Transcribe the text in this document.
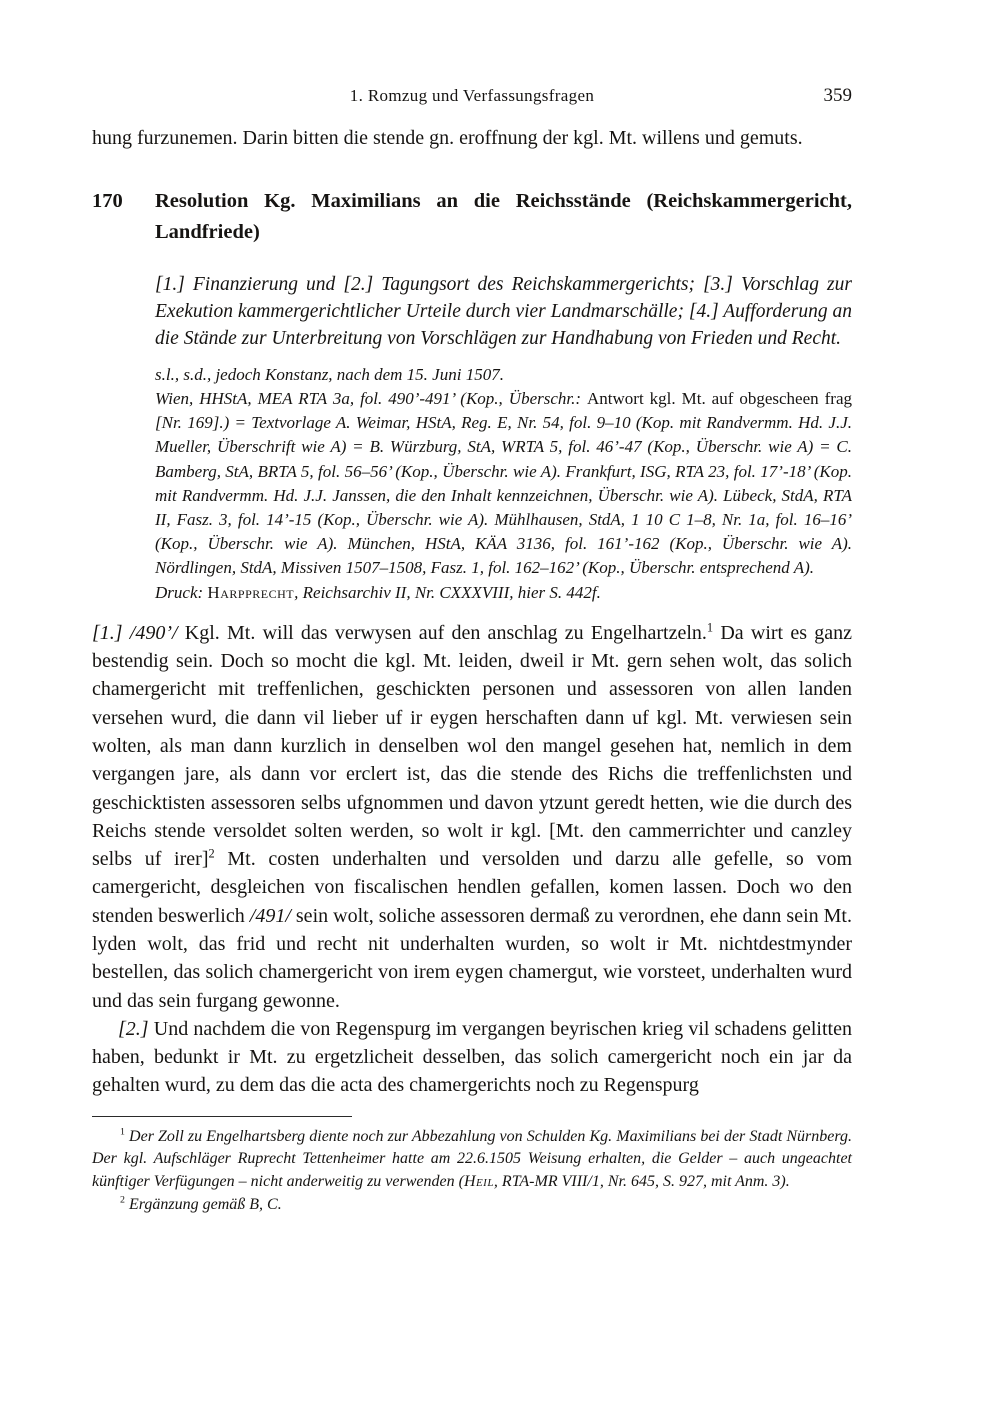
1. Romzug und Verfassungsfragen	359

hung furzunemen. Darin bitten die stende gn. eroffnung der kgl. Mt. willens und gemuts.

170	Resolution Kg. Maximilians an die Reichsstände (Reichskammergericht, Landfriede)

[1.] Finanzierung und [2.] Tagungsort des Reichskammergerichts; [3.] Vorschlag zur Exekution kammergerichtlicher Urteile durch vier Landmarschälle; [4.] Aufforderung an die Stände zur Unterbreitung von Vorschlägen zur Handhabung von Frieden und Recht.

s.l., s.d., jedoch Konstanz, nach dem 15. Juni 1507.

Wien, HHStA, MEA RTA 3a, fol. 490’-491’ (Kop., Überschr.: Antwort kgl. Mt. auf obgescheen frag [Nr. 169].) = Textvorlage A. Weimar, HStA, Reg. E, Nr. 54, fol. 9–10 (Kop. mit Randvermm. Hd. J.J. Mueller, Überschrift wie A) = B. Würzburg, StA, WRTA 5, fol. 46’-47 (Kop., Überschr. wie A) = C. Bamberg, StA, BRTA 5, fol. 56–56’ (Kop., Überschr. wie A). Frankfurt, ISG, RTA 23, fol. 17’-18’ (Kop. mit Randvermm. Hd. J.J. Janssen, die den Inhalt kennzeichnen, Überschr. wie A). Lübeck, StdA, RTA II, Fasz. 3, fol. 14’-15 (Kop., Überschr. wie A). Mühlhausen, StdA, 1 10 C 1–8, Nr. 1a, fol. 16–16’ (Kop., Überschr. wie A). München, HStA, KÄA 3136, fol. 161’-162 (Kop., Überschr. wie A). Nördlingen, StdA, Missiven 1507–1508, Fasz. 1, fol. 162–162’ (Kop., Überschr. entsprechend A).

Druck: Harpprecht, Reichsarchiv II, Nr. CXXXVIII, hier S. 442f.

[1.] /490’/ Kgl. Mt. will das verwysen auf den anschlag zu Engelhartzeln.$^1$ Da wirt es ganz bestendig sein. Doch so mocht die kgl. Mt. leiden, dweil ir Mt. gern sehen wolt, das solich chamergericht mit treffenlichen, geschickten personen und assessoren von allen landen versehen wurd, die dann vil lieber uf ir eygen herschaften dann uf kgl. Mt. verwiesen sein wolten, als man dann kurzlich in denselben wol den mangel gesehen hat, nemlich in dem vergangen jare, als dann vor erclert ist, das die stende des Richs die treffenlichsten und geschicktisten assessoren selbs ufgnommen und davon ytzunt geredt hetten, wie die durch des Reichs stende versoldet solten werden, so wolt ir kgl. [Mt. den cammerrichter und canzley selbs uf irer]$^2$ Mt. costen underhalten und versolden und darzu alle gefelle, so vom camergericht, desgleichen von fiscalischen hendlen gefallen, komen lassen. Doch wo den stenden beswerlich /491/ sein wolt, soliche assessoren dermaß zu verordnen, ehe dann sein Mt. lyden wolt, das frid und recht nit underhalten wurden, so wolt ir Mt. nichtdestmynder bestellen, das solich chamergericht von irem eygen chamergut, wie vorsteet, underhalten wurd und das sein furgang gewonne.

[2.] Und nachdem die von Regenspurg im vergangen beyrischen krieg vil schadens gelitten haben, bedunkt ir Mt. zu ergetzlicheit desselben, das solich camergericht noch ein jar da gehalten wurd, zu dem das die acta des chamergerichts noch zu Regenspurg

$^1$ Der Zoll zu Engelhartsberg diente noch zur Abbezahlung von Schulden Kg. Maximilians bei der Stadt Nürnberg. Der kgl. Aufschläger Ruprecht Tettenheimer hatte am 22.6.1505 Weisung erhalten, die Gelder – auch ungeachtet künftiger Verfügungen – nicht anderweitig zu verwenden (Heil, RTA-MR VIII/1, Nr. 645, S. 927, mit Anm. 3).

$^2$ Ergänzung gemäß B, C.
